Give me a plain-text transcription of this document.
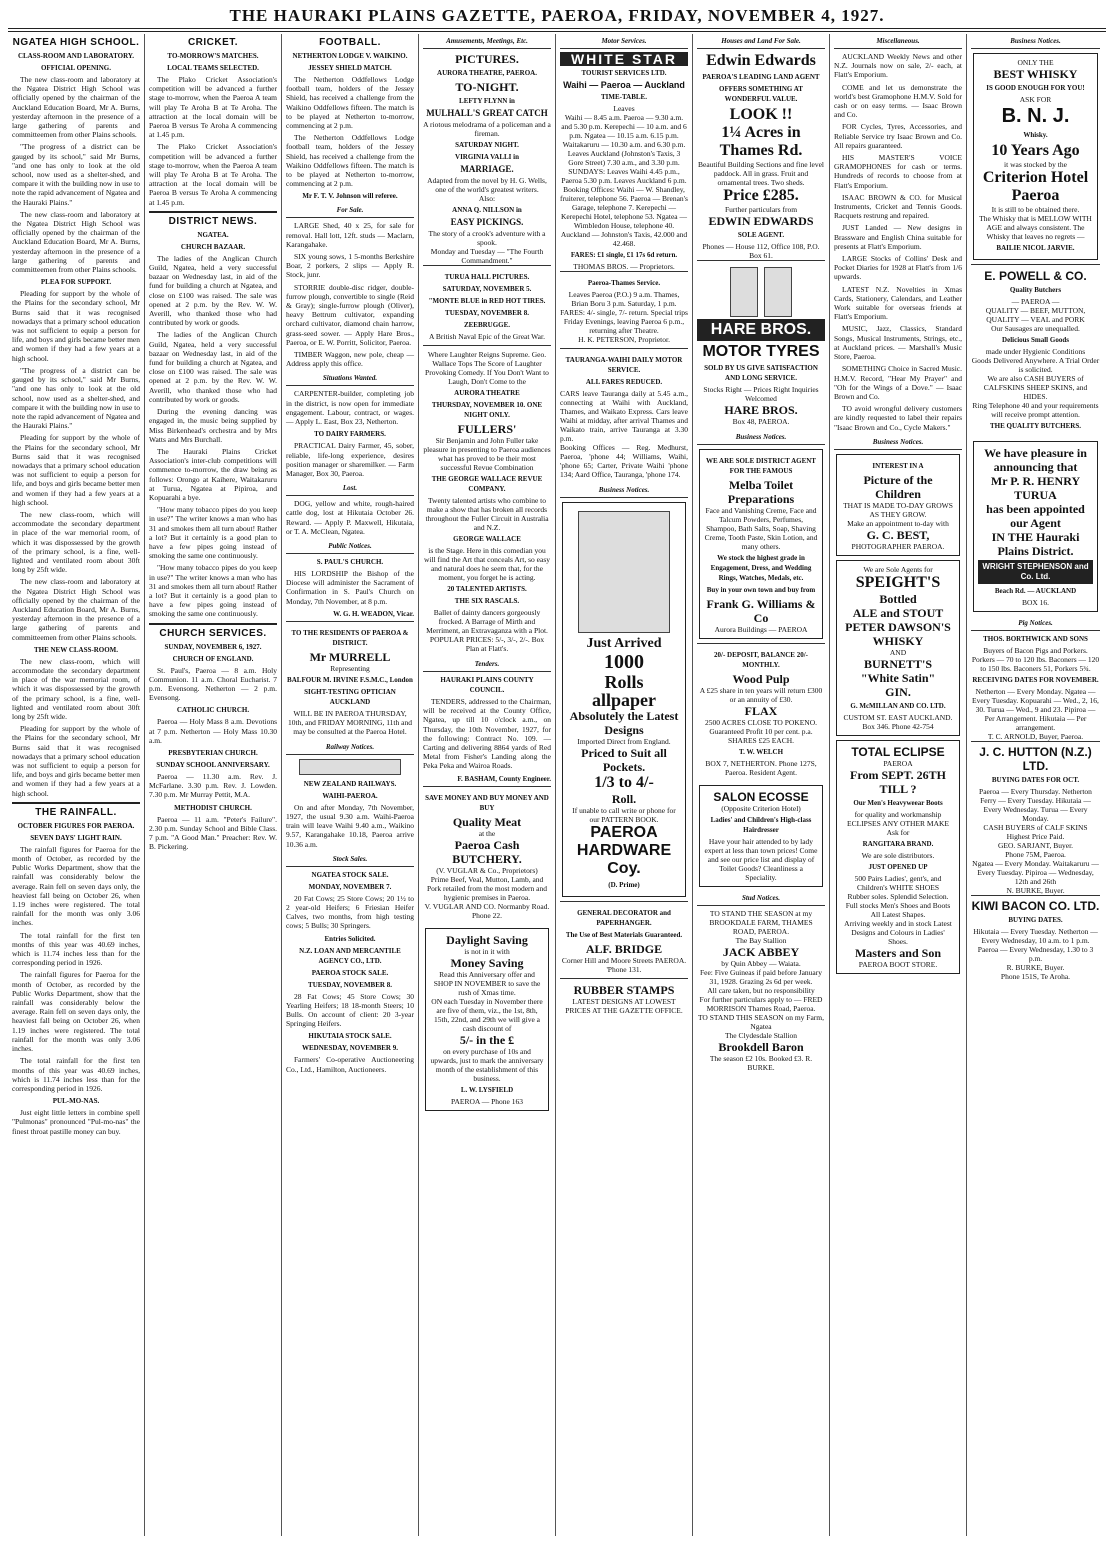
THE HAURAKI PLAINS GAZETTE, PAEROA, FRIDAY, NOVEMBER 4, 1927.
NGATEA HIGH SCHOOL.
CLASS-ROOM AND LABORATORY.
OFFICIAL OPENING.

The new class-room and laboratory at the Ngatea District High School was officially opened by the chairman of the Auckland Education Board, Mr A. Burns, yesterday afternoon in the presence of a large gathering of parents and committeemen from other Plains schools.

"The progress of a district can be gauged by its school," said Mr Burns, "and one has only to look at the old school, now used as a shelter-shed, and compare it with the building now in use to note the rapid advancement of Ngatea and the Hauraki Plains."

The new class-room and laboratory at the Ngatea District High School was officially opened by the chairman of the Auckland Education Board, Mr A. Burns, yesterday afternoon in the presence of a large gathering of parents and committeemen from other Plains schools.

PLEA FOR SUPPORT.

Pleading for support by the whole of the Plains for the secondary school, Mr Burns said that it was recognised nowadays that a primary school education was not sufficient to equip a person for life, and boys and girls became better men and women if they had a few years at a high school.

"The progress of a district can be gauged by its school," said Mr Burns, "and one has only to look at the old school, now used as a shelter-shed, and compare it with the building now in use to note the rapid advancement of Ngatea and the Hauraki Plains."

Pleading for support by the whole of the Plains for the secondary school, Mr Burns said that it was recognised nowadays that a primary school education was not sufficient to equip a person for life, and boys and girls became better men and women if they had a few years at a high school.

The new class-room, which will accommodate the secondary department in place of the war memorial room, of which it was dispossessed by the growth of the primary school, is a fine, well-lighted and ventilated room about 30ft long by 25ft wide.

The new class-room and laboratory at the Ngatea District High School was officially opened by the chairman of the Auckland Education Board, Mr A. Burns, yesterday afternoon in the presence of a large gathering of parents and committeemen from other Plains schools.

THE NEW CLASS-ROOM.

The new class-room, which will accommodate the secondary department in place of the war memorial room, of which it was dispossessed by the growth of the primary school, is a fine, well-lighted and ventilated room about 30ft long by 25ft wide.

Pleading for support by the whole of the Plains for the secondary school, Mr Burns said that it was recognised nowadays that a primary school education was not sufficient to equip a person for life, and boys and girls became better men and women if they had a few years at a high school.

THE RAINFALL.
OCTOBER FIGURES FOR PAEROA.
SEVEN DAYS' LIGHT RAIN.

The rainfall figures for Paeroa for the month of October, as recorded by the Public Works Department, show that the rainfall was considerably below the average. Rain fell on seven days only, the heaviest fall being on October 26, when 1.19 inches were registered. The total rainfall for the month was only 3.06 inches.

The total rainfall for the first ten months of this year was 40.69 inches, which is 11.74 inches less than for the corresponding period in 1926.

The rainfall figures for Paeroa for the month of October, as recorded by the Public Works Department, show that the rainfall was considerably below the average. Rain fell on seven days only, the heaviest fall being on October 26, when 1.19 inches were registered. The total rainfall for the month was only 3.06 inches.

The total rainfall for the first ten months of this year was 40.69 inches, which is 11.74 inches less than for the corresponding period in 1926.

PUL-MO-NAS.

Just eight little letters in combine spell "Pulmonas" pronounced "Pul-mo-nas" the finest throat pastille money can buy.

CRICKET.
TO-MORROW'S MATCHES.
LOCAL TEAMS SELECTED.

The Plako Cricket Association's competition will be advanced a further stage to-morrow, when the Paeroa A team will play Te Aroha B at Te Aroha. The attraction at the local domain will be Paeroa B versus Te Aroha A commencing at 1.45 p.m.

The Plako Cricket Association's competition will be advanced a further stage to-morrow, when the Paeroa A team will play Te Aroha B at Te Aroha. The attraction at the local domain will be Paeroa B versus Te Aroha A commencing at 1.45 p.m.

DISTRICT NEWS.
NGATEA.
CHURCH BAZAAR.

The ladies of the Anglican Church Guild, Ngatea, held a very successful bazaar on Wednesday last, in aid of the fund for building a church at Ngatea, and close on £100 was raised. The sale was opened at 2 p.m. by the Rev. W. W. Averill, who thanked those who had contributed by work or goods.

The ladies of the Anglican Church Guild, Ngatea, held a very successful bazaar on Wednesday last, in aid of the fund for building a church at Ngatea, and close on £100 was raised. The sale was opened at 2 p.m. by the Rev. W. W. Averill, who thanked those who had contributed by work or goods.

During the evening dancing was engaged in, the music being supplied by Miss Birkenhead's orchestra and by Mrs Watts and Mrs Burchall.

The Hauraki Plains Cricket Association's inter-club competitions will commence to-morrow, the draw being as follows: Orongo at Kaihere, Waitakaruru at Turua, Ngatea at Pipiroa, and Kopuarahi a bye.

"How many tobacco pipes do you keep in use?" The writer knows a man who has 31 and smokes them all turn about! Rather a lot? But it certainly is a good plan to have a few pipes going instead of smoking the same one continuously.

"How many tobacco pipes do you keep in use?" The writer knows a man who has 31 and smokes them all turn about! Rather a lot? But it certainly is a good plan to have a few pipes going instead of smoking the same one continuously.

CHURCH SERVICES.
SUNDAY, NOVEMBER 6, 1927.
CHURCH OF ENGLAND.

St. Paul's, Paeroa — 8 a.m. Holy Communion. 11 a.m. Choral Eucharist. 7 p.m. Evensong. Netherton — 2 p.m. Evensong.

CATHOLIC CHURCH.

Paeroa — Holy Mass 8 a.m. Devotions at 7 p.m. Netherton — Holy Mass 10.30 a.m.

PRESBYTERIAN CHURCH.
SUNDAY SCHOOL ANNIVERSARY.

Paeroa — 11.30 a.m. Rev. J. McFarlane. 3.30 p.m. Rev. J. Lowden. 7.30 p.m. Mr Murray Pettit, M.A.

METHODIST CHURCH.

Paeroa — 11 a.m. "Peter's Failure". 2.30 p.m. Sunday School and Bible Class. 7 p.m. "A Good Man." Preacher: Rev. W. B. Pickering.

FOOTBALL.
NETHERTON LODGE V. WAIKINO.
JESSEY SHIELD MATCH.

The Netherton Oddfellows Lodge football team, holders of the Jessey Shield, has received a challenge from the Waikino Oddfellows fifteen. The match is to be played at Netherton to-morrow, commencing at 2 p.m.

The Netherton Oddfellows Lodge football team, holders of the Jessey Shield, has received a challenge from the Waikino Oddfellows fifteen. The match is to be played at Netherton to-morrow, commencing at 2 p.m.

Mr F. T. V. Johnson will referee.
For Sale.

LARGE Shed, 40 x 25, for sale for removal. Hall lott, 12ft. studs — Maclarn, Karangahake.

SIX young sows, 1 5-months Berkshire Boar, 2 porkers, 2 slips — Apply R. Stock, junr.

STORRIE double-disc ridger, double-furrow plough, convertible to single (Reid & Gray); single-furrow plough (Oliver), heavy Bettrum cultivator, expanding orchard cultivator, diamond chain harrow, grass-seed sower. — Apply Hare Bros., Paeroa, or E. W. Porritt, Solicitor, Paeroa.

TIMBER Waggon, new pole, cheap — Address apply this office.

Situations Wanted.

CARPENTER-builder, completing job in the district, is now open for immediate engagement. Labour, contract, or wages. — Apply L. East, Box 23, Netherton.

TO DAIRY FARMERS.

PRACTICAL Dairy Farmer, 45, sober, reliable, life-long experience, desires position manager or sharemilker. — Farm Manager, Box 30, Paeroa.

Lost.

DOG, yellow and white, rough-haired cattle dog, lost at Hikutaia October 26. Reward. — Apply P. Maxwell, Hikutaia, or T. A. McClean, Ngatea.

Public Notices.
S. PAUL'S CHURCH.

HIS LORDSHIP the Bishop of the Diocese will administer the Sacrament of Confirmation in S. Paul's Church on Monday, 7th November, at 8 p.m.

W. G. H. WEADON, Vicar.
TO THE RESIDENTS OF PAEROA & DISTRICT.
Mr MURRELL
Representing
BALFOUR M. IRVINE F.S.M.C., London
SIGHT-TESTING OPTICIAN AUCKLAND
WILL BE IN PAEROA THURSDAY, 10th, and FRIDAY MORNING, 11th and may be consulted at the Paeroa Hotel.
Railway Notices.
NEW ZEALAND RAILWAYS.
WAIHI-PAEROA.

On and after Monday, 7th November, 1927, the usual 9.30 a.m. Waihi-Paeroa train will leave Waihi 9.40 a.m., Waikino 9.57, Karangahake 10.18, Paeroa arrive 10.36 a.m.

Stock Sales.
NGATEA STOCK SALE.
MONDAY, NOVEMBER 7.

20 Fat Cows; 25 Store Cows; 20 1½ to 2 year-old Heifers; 6 Friesian Heifer Calves, two months, from high testing cows; 5 Bulls; 30 Springers.

Entries Solicited.
N.Z. LOAN AND MERCANTILE AGENCY CO., LTD.
PAEROA STOCK SALE.
TUESDAY, NOVEMBER 8.

28 Fat Cows; 45 Store Cows; 30 Yearling Heifers; 18 18-month Steers; 10 Bulls. On account of client: 20 3-year Springing Heifers.

HIKUTAIA STOCK SALE.
WEDNESDAY, NOVEMBER 9.

Farmers' Co-operative Auctioneering Co., Ltd., Hamilton, Auctioneers.

Amusements, Meetings, Etc.
PICTURES.
AURORA THEATRE, PAEROA.
TO-NIGHT.
LEFTY FLYNN in
MULHALL'S GREAT CATCH
A riotous melodrama of a policeman and a fireman.
SATURDAY NIGHT.
VIRGINIA VALLI in
MARRIAGE.
Adapted from the novel by H. G. Wells, one of the world's greatest writers.
Also:
ANNA Q. NILLSON in
EASY PICKINGS.
The story of a crook's adventure with a spook.
Monday and Tuesday — "The Fourth Commandment."
TURUA HALL PICTURES.
SATURDAY, NOVEMBER 5.
"MONTE BLUE in RED HOT TIRES.
TUESDAY, NOVEMBER 8.
ZEEBRUGGE.
A British Naval Epic of the Great War.
Where Laughter Reigns Supreme. Geo. Wallace Tops The Score of Laughter Provoking Comedy. If You Don't Want to Laugh, Don't Come to the
AURORA THEATRE
THURSDAY, NOVEMBER 10. ONE NIGHT ONLY.
FULLERS'
Sir Benjamin and John Fuller take pleasure in presenting to Paeroa audiences what has proved to be their most successful Revue Combination
THE GEORGE WALLACE REVUE COMPANY.
Twenty talented artists who combine to make a show that has broken all records throughout the Fuller Circuit in Australia and N.Z.
GEORGE WALLACE
is the Stage. Here in this comedian you will find the Art that conceals Art, so easy and natural does he seem that, for the moment, you forget he is acting.
20 TALENTED ARTISTS.
THE SIX RASCALS.
Ballet of dainty dancers gorgeously frocked. A Barrage of Mirth and Merriment, an Extravaganza with a Plot.
POPULAR PRICES: 5/-, 3/-, 2/-. Box Plan at Flatt's.
Tenders.
HAURAKI PLAINS COUNTY COUNCIL.

TENDERS, addressed to the Chairman, will be received at the County Office, Ngatea, up till 10 o'clock a.m., on Thursday, the 10th November, 1927, for the following: Contract No. 109. — Carting and delivering 8864 yards of Red Metal from Fisher's Landing along the Peka Peka and Wairoa Roads.

F. BASHAM, County Engineer.
SAVE MONEY AND BUY MONEY AND BUY
Quality Meat
at the
Paeroa Cash BUTCHERY.
(V. VUGLAR & Co., Proprietors)
Prime Beef, Veal, Mutton, Lamb, and Pork retailed from the most modern and hygienic premises in Paeroa.
V. VUGLAR AND CO. Normanby Road. Phone 22.
Daylight Saving
is not in it with
Money Saving
Read this Anniversary offer and SHOP IN NOVEMBER to save the rush of Xmas time.
ON each Tuesday in November there are five of them, viz., the 1st, 8th, 15th, 22nd, and 29th we will give a cash discount of
5/- in the £
on every purchase of 10s and upwards, just to mark the anniversary month of the establishment of this business.
L. W. LYSFIELD
PAEROA — Phone 163
Motor Services.
WHITE STAR
TOURIST SERVICES LTD.
Waihi — Paeroa — Auckland
TIME-TABLE.
Leaves
Waihi — 8.45 a.m. Paeroa — 9.30 a.m. and 5.30 p.m. Kerepechi — 10 a.m. and 6 p.m. Ngatea — 10.15 a.m. 6.15 p.m. Waitakaruru — 10.30 a.m. and 6.30 p.m.
Leaves Auckland (Johnston's Taxis, 3 Gore Street) 7.30 a.m., and 3.30 p.m.
SUNDAYS: Leaves Waihi 4.45 p.m., Paeroa 5.30 p.m. Leaves Auckland 6 p.m.
Booking Offices: Waihi — W. Shandley, fruiterer, telephone 56. Paeroa — Brenan's Garage, telephone 7. Kerepechi — Kerepechi Hotel, telephone 53. Ngatea — Wimbledon House, telephone 40. Auckland — Johnston's Taxis, 42.000 and 42.468.
FARES: £1 single, £1 17s 6d return.
THOMAS BROS. — Proprietors.
Paeroa-Thames Service.
Leaves Paeroa (P.O.) 9 a.m. Thames, Brian Boru 3 p.m. Saturday, 1 p.m.
FARES: 4/- single, 7/- return. Special trips Friday Evenings, leaving Paeroa 6 p.m., returning after Theatre.
H. K. PETERSON, Proprietor.
TAURANGA-WAIHI DAILY MOTOR SERVICE.
ALL FARES REDUCED.
CARS leave Tauranga daily at 5.45 a.m., connecting at Waihi with Auckland, Thames, and Waikato Express. Cars leave Waihi at midday, after arrival Thames and Waikato train, arrive Tauranga at 3.30 p.m.
Booking Offices — Reg. Medhurst, Paeroa, 'phone 44; Williams, Waihi, 'phone 65; Carter, Private Waihi 'phone 134; Aard Office, Tauranga, 'phone 174.
Business Notices.
Just Arrived
1000
Rolls
allpaper
Absolutely the Latest Designs
Imported Direct from England.
Priced to Suit all Pockets.
1/3 to 4/-
Roll.
If unable to call write or phone for our PATTERN BOOK.
PAEROA HARDWARE Coy.
(D. Prime)
GENERAL DECORATOR and PAPERHANGER.
The Use of Best Materials Guaranteed.
ALF. BRIDGE
Corner Hill and Moore Streets PAEROA. 'Phone 131.
RUBBER STAMPS
LATEST DESIGNS AT LOWEST PRICES AT THE GAZETTE OFFICE.
Houses and Land For Sale.
Edwin Edwards
PAEROA'S LEADING LAND AGENT
OFFERS SOMETHING AT WONDERFUL VALUE.
LOOK !!
1¼ Acres in Thames Rd.
Beautiful Building Sections and fine level paddock. All in grass. Fruit and ornamental trees. Two sheds.
Price £285.
Further particulars from
EDWIN EDWARDS
SOLE AGENT.
Phones — House 112, Office 108, P.O. Box 61.
HARE BROS.
MOTOR TYRES
SOLD BY US GIVE SATISFACTION AND LONG SERVICE.
Stocks Right — Prices Right Inquiries Welcomed
HARE BROS.
Box 48, PAEROA.
Business Notices.
WE ARE SOLE DISTRICT AGENT FOR THE FAMOUS
Melba Toilet Preparations
Face and Vanishing Creme, Face and Talcum Powders, Perfumes, Shampoo, Bath Salts, Soap, Shaving Creme, Tooth Paste, Skin Lotion, and many others.
We stock the highest grade in Engagement, Dress, and Wedding Rings, Watches, Medals, etc.
Buy in your own town and buy from
Frank G. Williams & Co
Aurora Buildings — PAEROA
20/- DEPOSIT, BALANCE 20/- MONTHLY.
Wood Pulp
A £25 share in ten years will return £300 or an annuity of £30.
FLAX
2500 ACRES CLOSE TO POKENO. Guaranteed Profit 10 per cent. p.a. SHARES £25 EACH.
T. W. WELCH
BOX 7, NETHERTON. Phone 127S, Paeroa. Resident Agent.
SALON ECOSSE
(Opposite Criterion Hotel)
Ladies' and Children's High-class Hairdresser
Have your hair attended to by lady expert at less than town prices! Come and see our price list and display of Toilet Goods? Cleanliness a Speciality.
Stud Notices.
TO STAND THE SEASON at my BROOKDALE FARM, THAMES ROAD, PAEROA.
The Bay Stallion
JACK ABBEY
by Quin Abbey — Waiata.
Fee: Five Guineas if paid before January 31, 1928. Grazing 2s 6d per week.
All care taken, but no responsibility
For further particulars apply to — FRED MORRISON Thames Road, Paeroa.
TO STAND THIS SEASON on my Farm, Ngatea
The Clydesdale Stallion
Brookdell Baron
The season £2 10s. Booked £3. R. BURKE.
Miscellaneous.

AUCKLAND Weekly News and other N.Z. Journals now on sale, 2/- each, at Flatt's Emporium.

COME and let us demonstrate the world's best Gramophone H.M.V. Sold for cash or on easy terms. — Isaac Brown and Co.

FOR Cycles, Tyres, Accessories, and Reliable Service try Isaac Brown and Co. All repairs guaranteed.

HIS MASTER'S VOICE GRAMOPHONES for cash or terms. Hundreds of records to choose from at Flatt's Emporium.

ISAAC BROWN & CO. for Musical Instruments, Cricket and Tennis Goods. Racquets restrung and repaired.

JUST Landed — New designs in Brassware and English China suitable for presents at Flatt's Emporium.

LARGE Stocks of Collins' Desk and Pocket Diaries for 1928 at Flatt's from 1/6 upwards.

LATEST N.Z. Novelties in Xmas Cards, Stationery, Calendars, and Leather Work suitable for overseas friends at Flatt's Emporium.

MUSIC, Jazz, Classics, Standard Songs, Musical Instruments, Strings, etc., at Auckland prices. — Marshall's Music Store, Paeroa.

SOMETHING Choice in Sacred Music. H.M.V. Record, "Hear My Prayer" and "Oh for the Wings of a Dove." — Isaac Brown and Co.

TO avoid wrongful delivery customers are kindly requested to label their repairs "Isaac Brown and Co., Cycle Makers."

Business Notices.
INTEREST IN A
Picture of the Children
THAT IS MADE TO-DAY GROWS AS THEY GROW.
Make an appointment to-day with
G. C. BEST,
PHOTOGRAPHER PAEROA.
We are Sole Agents for
SPEIGHT'S
Bottled
ALE and STOUT
PETER DAWSON'S
WHISKY
AND
BURNETT'S
"White Satin"
GIN.
G. McMILLAN AND CO. LTD.
CUSTOM ST. EAST AUCKLAND.
Box 346. Phone 42-754
TOTAL ECLIPSE
PAEROA
From SEPT. 26TH TILL ?
Our Men's Heavyweear Boots
for quality and workmanship ECLIPSES ANY OTHER MAKE
Ask for
RANGITARA BRAND.
We are sole distributors.
JUST OPENED UP
500 Pairs Ladies', gent's, and Children's WHITE SHOES
Rubber soles. Splendid Selection.
Full stocks Men's Shoes and Boots All Latest Shapes.
Arriving weekly and in stock Latest Designs and Colours in Ladies' Shoes.
Masters and Son
PAEROA BOOT STORE.
Business Notices.
ONLY THE
BEST WHISKY
IS GOOD ENOUGH FOR YOU!
ASK FOR
B. N. J.
Whisky.
10 Years Ago
it was stocked by the
Criterion Hotel
Paeroa
It is still to be obtained there.
The Whisky that is MELLOW WITH AGE and always consistent. The Whisky that leaves no regrets —
BAILIE NICOL JARVIE.
E. POWELL & CO.
Quality Butchers
— PAEROA —
QUALITY — BEEF, MUTTON, QUALITY — VEAL and PORK
Our Sausages are unequalled.
Delicious Small Goods
made under Hygienic Conditions
Goods Delivered Anywhere. A Trial Order is solicited.
We are also CASH BUYERS of CALFSKINS SHEEP SKINS, and HIDES.
Ring Telephone 40 and your requirements will receive prompt attention.
THE QUALITY BUTCHERS.
We have pleasure in announcing that
Mr P. R. HENRY TURUA
has been appointed our Agent
IN THE Hauraki Plains District.
WRIGHT STEPHENSON and Co. Ltd.
Beach Rd. — AUCKLAND
BOX 16.
Pig Notices.
THOS. BORTHWICK AND SONS
Buyers of Bacon Pigs and Porkers. Porkers — 70 to 120 lbs. Baconers — 120 to 150 lbs. Baconers 51, Porkers 5¾.
RECEIVING DATES FOR NOVEMBER.
Netherton — Every Monday. Ngatea — Every Tuesday. Kopuarahi — Wed., 2, 16, 30. Turua — Wed., 9 and 23. Pipiroa — Per Arrangement. Hikutaia — Per arrangement.
T. C. ARNOLD, Buyer, Paeroa.
J. C. HUTTON (N.Z.) LTD.
BUYING DATES FOR OCT.
Paeroa — Every Thursday. Netherton Ferry — Every Tuesday. Hikutaia — Every Wednesday. Turua — Every Monday.
CASH BUYERS of CALF SKINS Highest Price Paid.
GEO. SARJANT, Buyer.
Phone 75M, Paeroa.
Ngatea — Every Monday. Waitakaruru — Every Tuesday. Pipiroa — Wednesday, 12th and 26th
N. BURKE, Buyer.
KIWI BACON CO. LTD.
BUYING DATES.
Hikutaia — Every Tuesday. Netherton — Every Wednesday, 10 a.m. to 1 p.m. Paeroa — Every Wednesday, 1.30 to 3 p.m.
R. BURKE, Buyer.
Phone 151S, Te Aroha.
